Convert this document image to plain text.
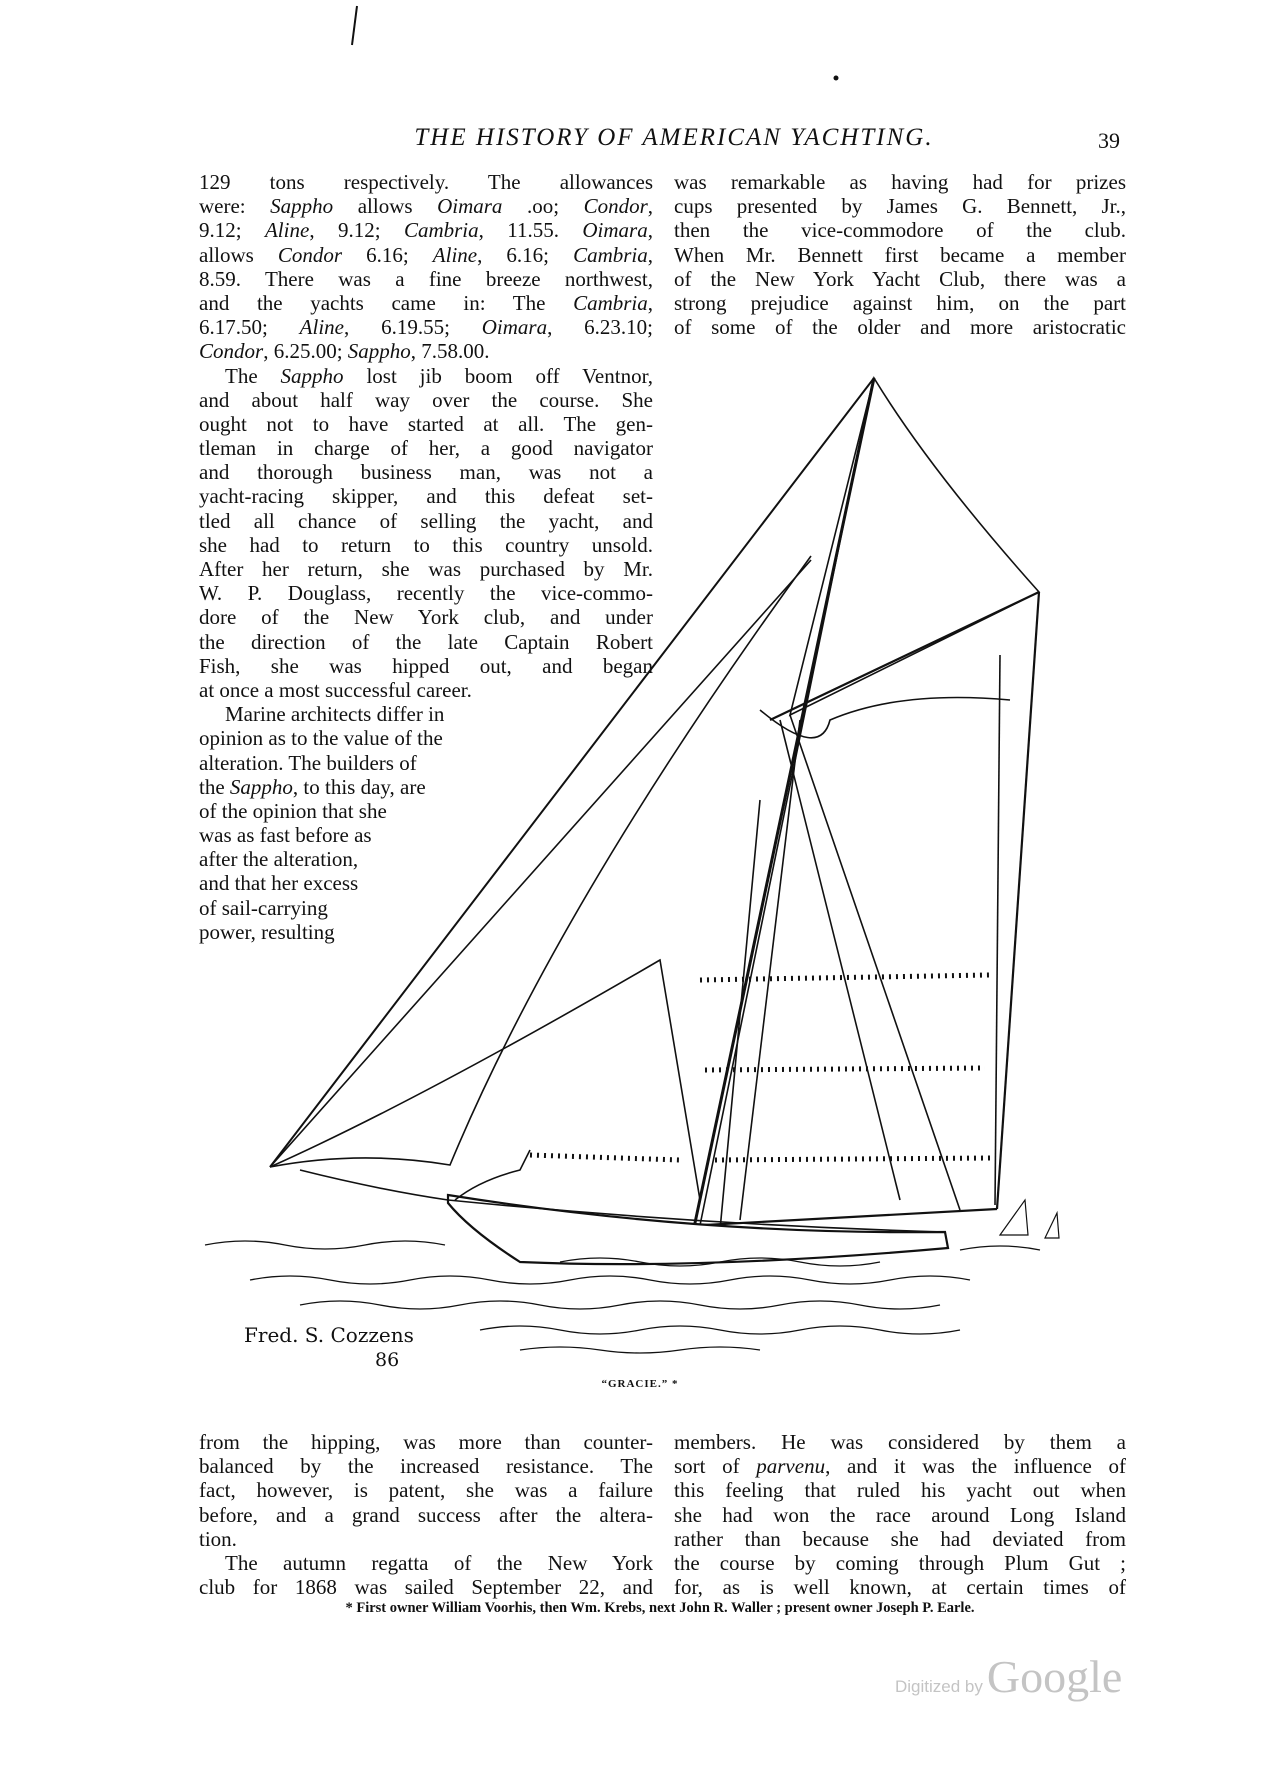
THE HISTORY OF AMERICAN YACHTING.	39
129 tons respectively. The allowances
were: Sappho allows Oimara .oo; Condor,
9.12; Aline, 9.12; Cambria, 11.55. Oimara,
allows Condor 6.16; Aline, 6.16; Cambria,
8.59. There was a fine breeze northwest,
and the yachts came in: The Cambria,
6.17.50; Aline, 6.19.55; Oimara, 6.23.10;
Condor, 6.25.00; Sappho, 7.58.00.
The Sappho lost jib boom off Ventnor,
and about half way over the course. She
ought not to have started at all. The gen-
tleman in charge of her, a good navigator
and thorough business man, was not a
yacht-racing skipper, and this defeat set-
tled all chance of selling the yacht, and
she had to return to this country unsold.
After her return, she was purchased by Mr.
W. P. Douglass, recently the vice-commo-
dore of the New York club, and under
the direction of the late Captain Robert
Fish, she was hipped out, and began
at once a most successful career.
Marine architects differ in
opinion as to the value of the
alteration. The builders of
the Sappho, to this day, are
of the opinion that she
was as fast before as
after the alteration,
and that her excess
of sail-carrying
power, resulting
was remarkable as having had for prizes
cups presented by James G. Bennett, Jr.,
then the vice-commodore of the club.
When Mr. Bennett first became a member
of the New York Yacht Club, there was a
strong prejudice against him, on the part
of some of the older and more aristocratic
Fred. S. Cozzens
86
“GRACIE.” *
from the hipping, was more than counter-
balanced by the increased resistance. The
fact, however, is patent, she was a failure
before, and a grand success after the altera-
tion.
The autumn regatta of the New York
club for 1868 was sailed September 22, and
members. He was considered by them a
sort of parvenu, and it was the influence of
this feeling that ruled his yacht out when
she had won the race around Long Island
rather than because she had deviated from
the course by coming through Plum Gut ;
for, as is well known, at certain times of
* First owner William Voorhis, then Wm. Krebs, next John R. Waller ; present owner Joseph P. Earle.
Digitized by Google
